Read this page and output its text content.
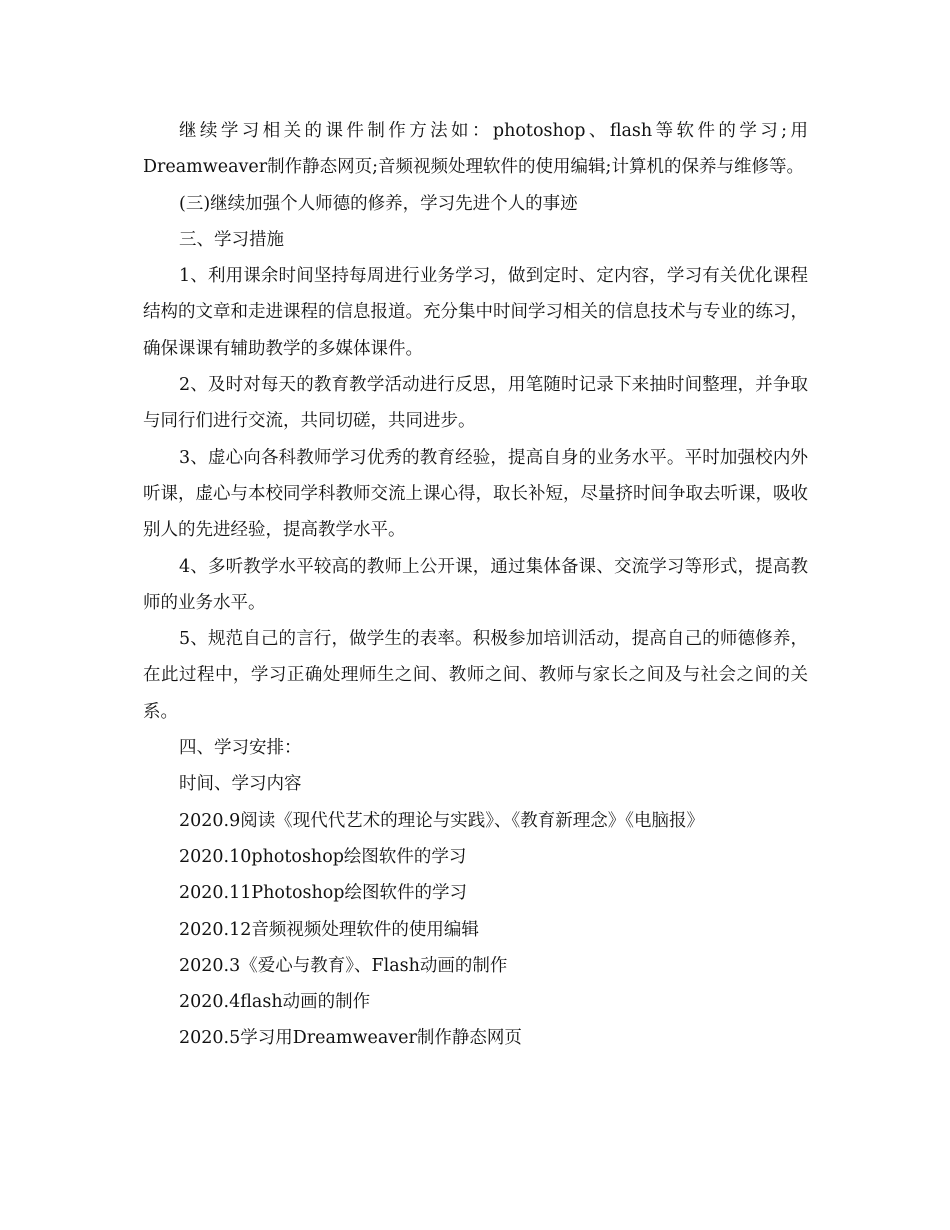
继续学习相关的课件制作方法如：photoshop、flash等软件的学习;用Dreamweaver制作静态网页;音频视频处理软件的使用编辑;计算机的保养与维修等。

(三)继续加强个人师德的修养，学习先进个人的事迹

三、学习措施

1、利用课余时间坚持每周进行业务学习，做到定时、定内容，学习有关优化课程结构的文章和走进课程的信息报道。充分集中时间学习相关的信息技术与专业的练习，确保课课有辅助教学的多媒体课件。

2、及时对每天的教育教学活动进行反思，用笔随时记录下来抽时间整理，并争取与同行们进行交流，共同切磋，共同进步。

3、虚心向各科教师学习优秀的教育经验，提高自身的业务水平。平时加强校内外听课，虚心与本校同学科教师交流上课心得，取长补短，尽量挤时间争取去听课，吸收别人的先进经验，提高教学水平。

4、多听教学水平较高的教师上公开课，通过集体备课、交流学习等形式，提高教师的业务水平。

5、规范自己的言行，做学生的表率。积极参加培训活动，提高自己的师德修养，在此过程中，学习正确处理师生之间、教师之间、教师与家长之间及与社会之间的关系。

四、学习安排：

时间、学习内容

2020.9阅读《现代代艺术的理论与实践》、《教育新理念》《电脑报》

2020.10photoshop绘图软件的学习

2020.11Photoshop绘图软件的学习

2020.12音频视频处理软件的使用编辑

2020.3《爱心与教育》、Flash动画的制作

2020.4flash动画的制作

2020.5学习用Dreamweaver制作静态网页
